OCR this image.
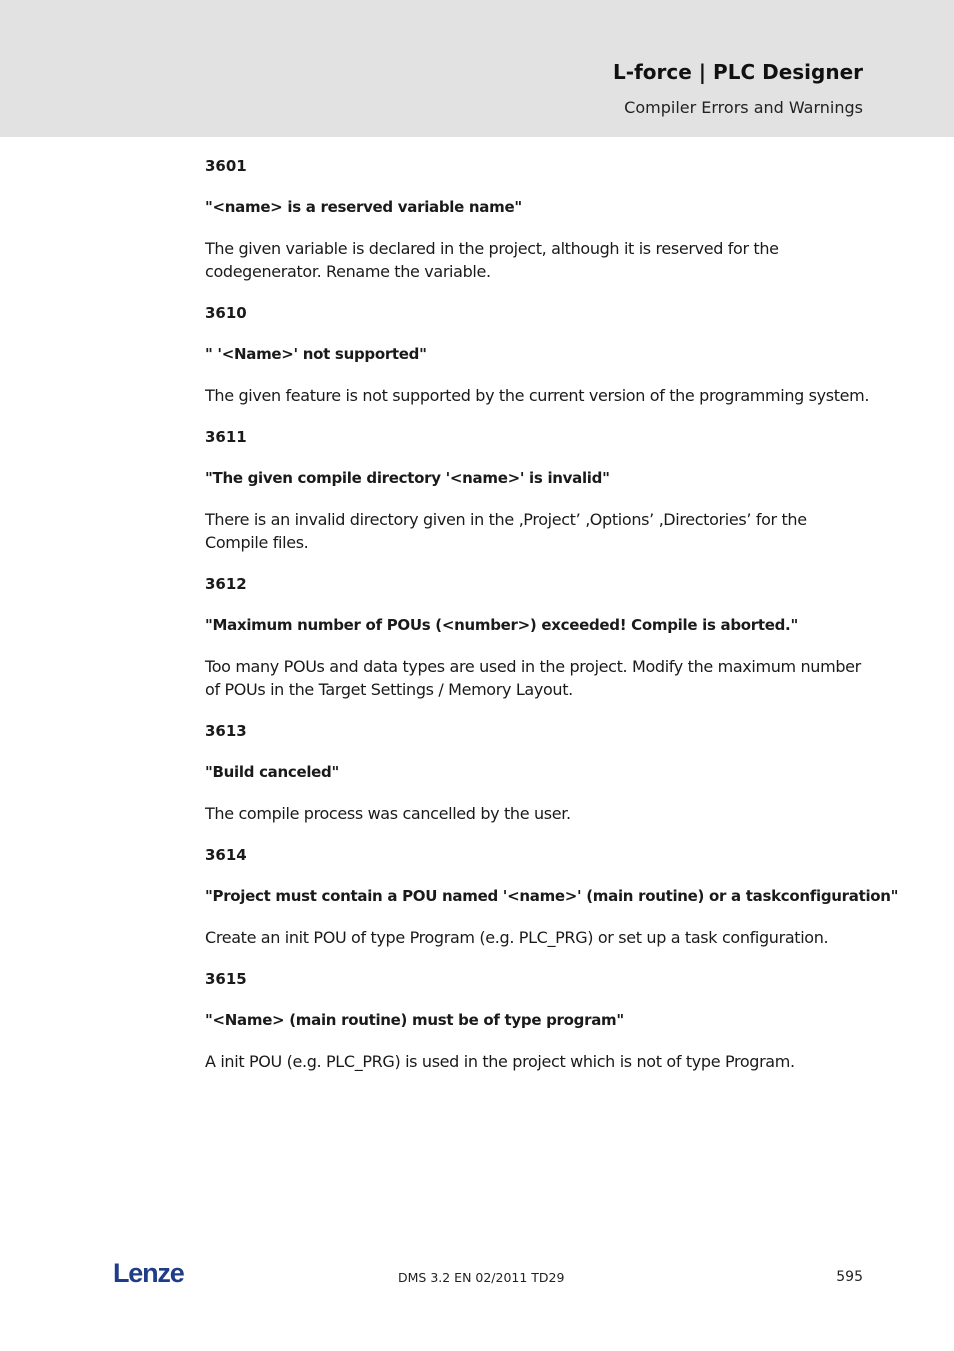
L-force | PLC Designer
Compiler Errors and Warnings
3601
"<name> is a reserved variable name"
The given variable is declared in the project, although it is reserved for the codegenerator. Rename the variable.
3610
" '<Name>' not supported"
The given feature is not supported by the current version of the programming system.
3611
"The given compile directory '<name>' is invalid"
There is an invalid directory given in the ‚Project’ ‚Options’ ‚Directories’ for the Compile files.
3612
"Maximum number of POUs (<number>) exceeded! Compile is aborted."
Too many POUs and data types are used in the project. Modify the maximum number of POUs in the Target Settings / Memory Layout.
3613
"Build canceled"
The compile process was cancelled by the user.
3614
"Project must contain a POU named '<name>' (main routine) or a taskconfiguration"
Create an init POU of type Program (e.g. PLC_PRG) or set up a task configuration.
3615
"<Name> (main routine) must be of type program"
A init POU (e.g. PLC_PRG) is used in the project which is not of type Program.
Lenze	DMS 3.2 EN 02/2011 TD29	595
